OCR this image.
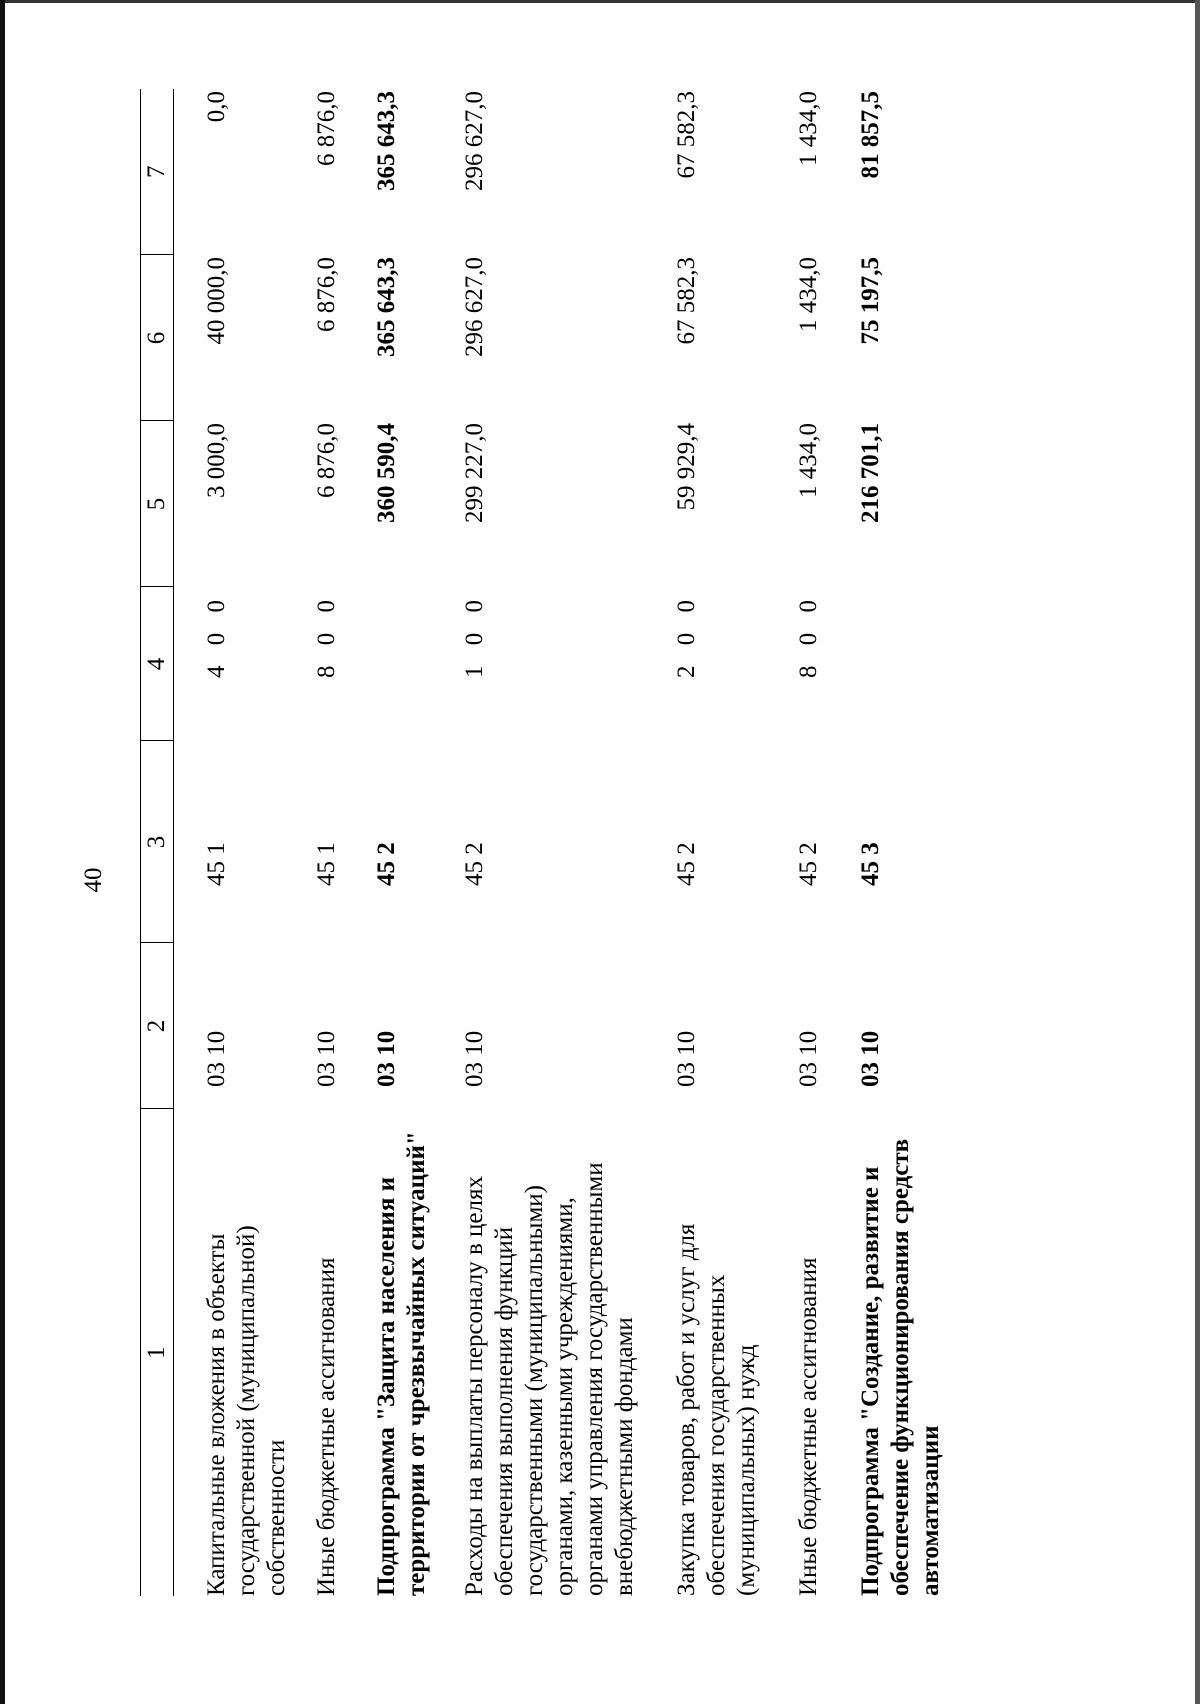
40
1	2	3	4	5	6	7
Капитальные вложения в объекты государственной (муниципальной) собственности	03 10	45 1	4 0 0	3 000,0	40 000,0	0,0
Иные бюджетные ассигнования	03 10	45 1	8 0 0	6 876,0	6 876,0	6 876,0
Подпрограмма "Защита населения и территории от чрезвычайных ситуаций"	03 10	45 2		360 590,4	365 643,3	365 643,3
Расходы на выплаты персоналу в целях обеспечения выполнения функций государственными (муниципальными) органами, казенными учреждениями, органами управления государственными внебюджетными фондами	03 10	45 2	1 0 0	299 227,0	296 627,0	296 627,0
Закупка товаров, работ и услуг для обеспечения государственных (муниципальных) нужд	03 10	45 2	2 0 0	59 929,4	67 582,3	67 582,3
Иные бюджетные ассигнования	03 10	45 2	8 0 0	1 434,0	1 434,0	1 434,0
Подпрограмма "Создание, развитие и обеспечение функционирования средств автоматизации	03 10	45 3		216 701,1	75 197,5	81 857,5
